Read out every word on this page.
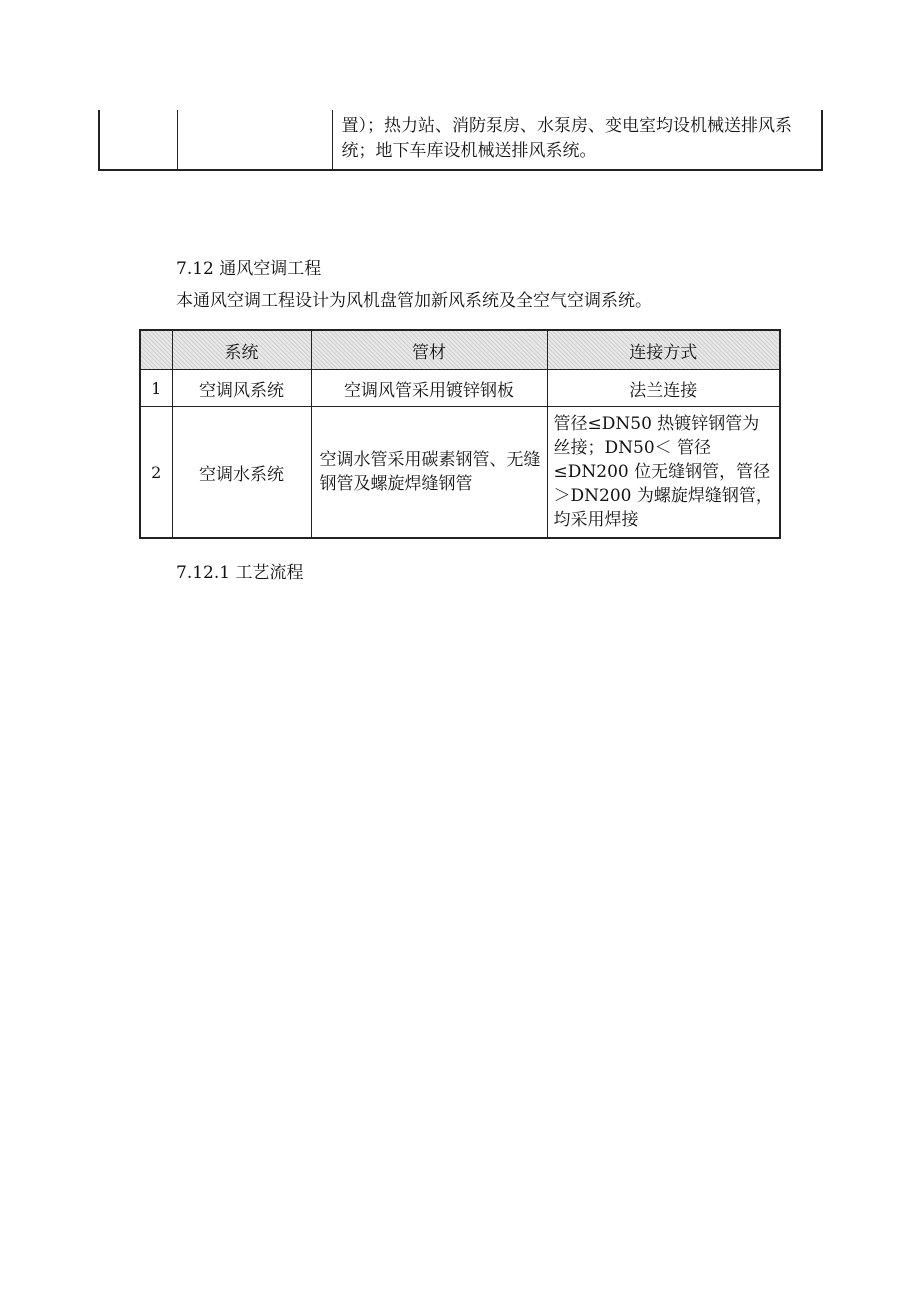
		置）；热力站、消防泵房、水泵房、变电室均设机械送排风系统；地下车库设机械送排风系统。
7.12 通风空调工程
本通风空调工程设计为风机盘管加新风系统及全空气空调系统。
	系统	管材	连接方式
1	空调风系统	空调风管采用镀锌钢板	法兰连接
2	空调水系统	空调水管采用碳素钢管、无缝钢管及螺旋焊缝钢管	管径≤DN50 热镀锌钢管为丝接；DN50＜ 管径≤DN200 位无缝钢管，管径＞DN200 为螺旋焊缝钢管，均采用焊接
7.12.1 工艺流程
